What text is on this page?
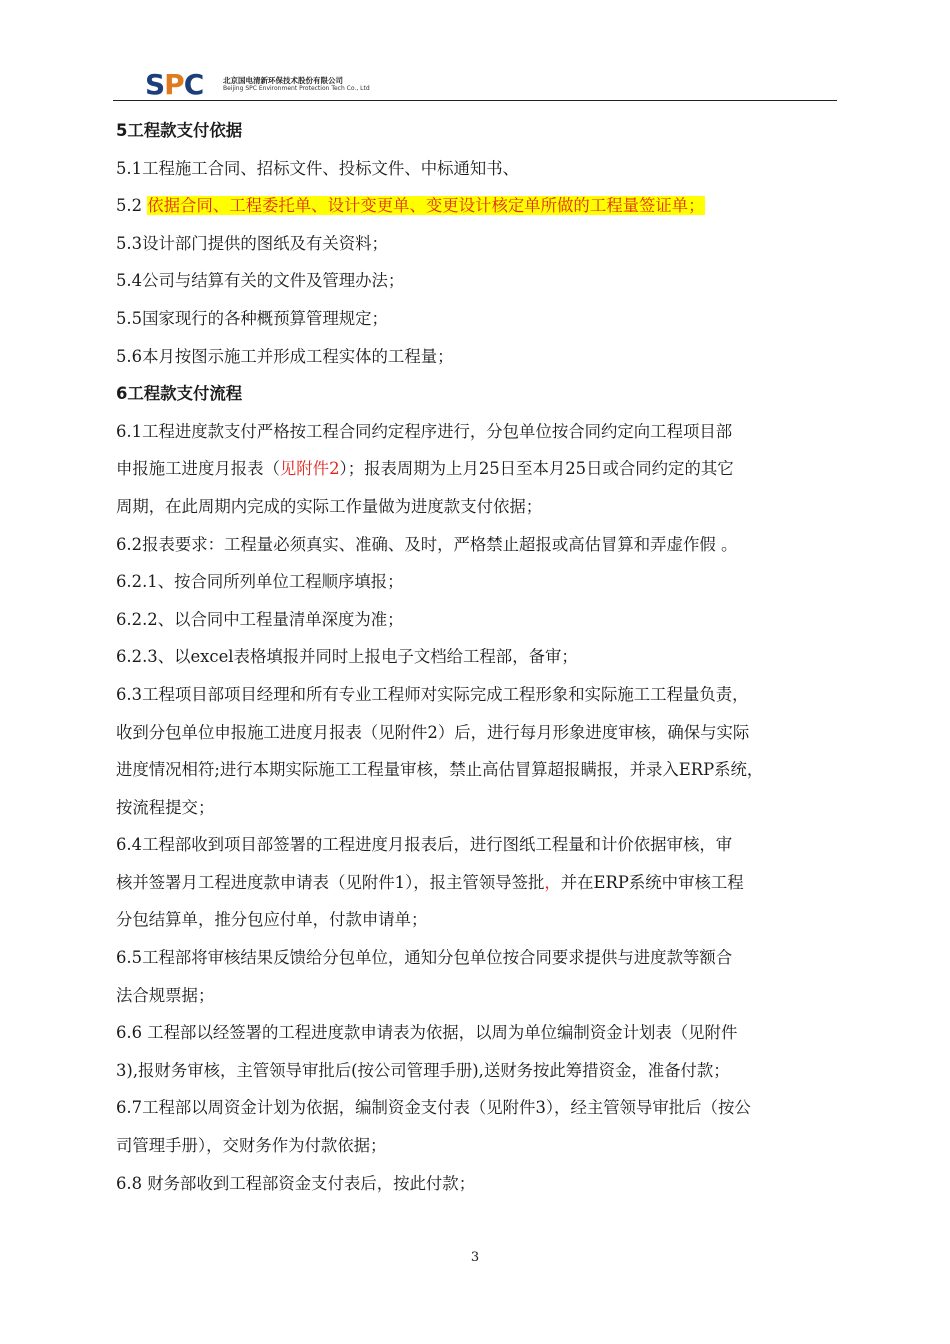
SPC	北京国电清新环保技术股份有限公司
Beijing SPC Environment Protection Tech Co., Ltd
5工程款支付依据
5.1工程施工合同、招标文件、投标文件、中标通知书、
5.2 依据合同、工程委托单、设计变更单、变更设计核定单所做的工程量签证单；
5.3设计部门提供的图纸及有关资料；
5.4公司与结算有关的文件及管理办法；
5.5国家现行的各种概预算管理规定；
5.6本月按图示施工并形成工程实体的工程量；
6工程款支付流程
6.1工程进度款支付严格按工程合同约定程序进行，分包单位按合同约定向工程项目部
申报施工进度月报表（见附件2）；报表周期为上月25日至本月25日或合同约定的其它
周期，在此周期内完成的实际工作量做为进度款支付依据；
6.2报表要求：工程量必须真实、准确、及时，严格禁止超报或高估冒算和弄虚作假 。
6.2.1、按合同所列单位工程顺序填报；
6.2.2、以合同中工程量清单深度为准；
6.2.3、以excel表格填报并同时上报电子文档给工程部，备审；
6.3工程项目部项目经理和所有专业工程师对实际完成工程形象和实际施工工程量负责，
收到分包单位申报施工进度月报表（见附件2）后，进行每月形象进度审核，确保与实际
进度情况相符;进行本期实际施工工程量审核，禁止高估冒算超报瞒报，并录入ERP系统，
按流程提交；
6.4工程部收到项目部签署的工程进度月报表后，进行图纸工程量和计价依据审核，审
核并签署月工程进度款申请表（见附件1），报主管领导签批，并在ERP系统中审核工程
分包结算单，推分包应付单，付款申请单；
6.5工程部将审核结果反馈给分包单位，通知分包单位按合同要求提供与进度款等额合
法合规票据；
6.6 工程部以经签署的工程进度款申请表为依据，以周为单位编制资金计划表（见附件
3),报财务审核，主管领导审批后(按公司管理手册),送财务按此筹措资金，准备付款；
6.7工程部以周资金计划为依据，编制资金支付表（见附件3），经主管领导审批后（按公
司管理手册），交财务作为付款依据；
6.8 财务部收到工程部资金支付表后，按此付款；
3
